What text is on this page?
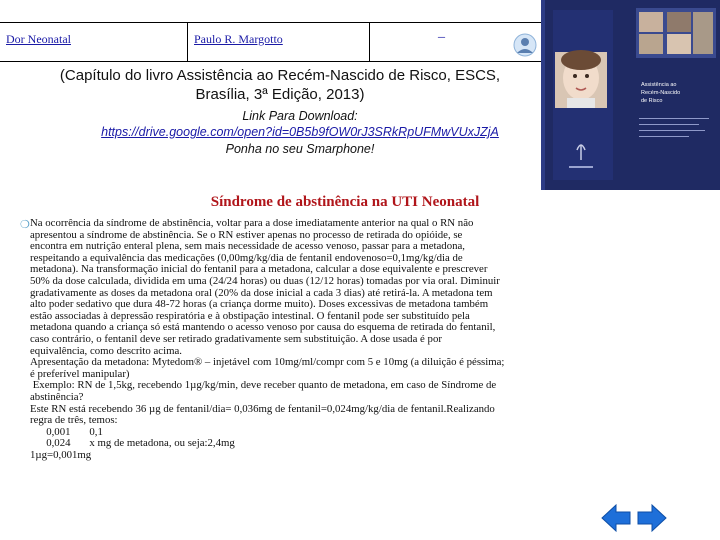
Dor Neonatal	Paulo R. Margotto	_
Assistência ao
Recém-Nascido
de Risco
(Capítulo do livro Assistência ao Recém-Nascido de Risco, ESCS,
Brasília, 3ª Edição, 2013)
Link Para Download:
https://drive.google.com/open?id=0B5b9fOW0rJ3SRkRpUFMwVUxJZjA
Ponha no seu Smarphone!
Síndrome de abstinência na UTI Neonatal
❍ Na ocorrência da síndrome de abstinência, voltar para a dose imediatamente anterior na qual o RN não
apresentou a síndrome de abstinência. Se o RN estiver apenas no processo de retirada do opióide, se
encontra em nutrição enteral plena, sem mais necessidade de acesso venoso, passar para a metadona,
respeitando a equivalência das medicações (0,00mg/kg/dia de fentanil endovenoso=0,1mg/kg/dia de
metadona). Na transformação inicial do fentanil para a metadona, calcular a dose equivalente e prescrever
50% da dose calculada, dividida em uma (24/24 horas) ou duas (12/12 horas) tomadas por via oral. Diminuir
gradativamente as doses da metadona oral (20% da dose inicial a cada 3 dias) até retirá-la. A metadona tem
alto poder sedativo que dura 48-72 horas (a criança dorme muito). Doses excessivas de metadona também
estão associadas à depressão respiratória e à obstipação intestinal. O fentanil pode ser substituído pela
metadona quando a criança só está mantendo o acesso venoso por causa do esquema de retirada do fentanil,
caso contrário, o fentanil deve ser retirado gradativamente sem substituição. A dose usada é por
equivalência, como descrito acima.
Apresentação da metadona: Mytedom® – injetável com 10mg/ml/compr com 5 e 10mg (a diluição é péssima;
é preferível manipular)
Exemplo: RN de 1,5kg, recebendo 1µg/kg/min, deve receber quanto de metadona, em caso de Síndrome de
abstinência?
Este RN está recebendo 36 µg de fentanil/dia= 0,036mg de fentanil=0,024mg/kg/dia de fentanil.Realizando
regra de três, temos:
0,001       0,1
0,024       x mg de metadona, ou seja:2,4mg
1µg=0,001mg
